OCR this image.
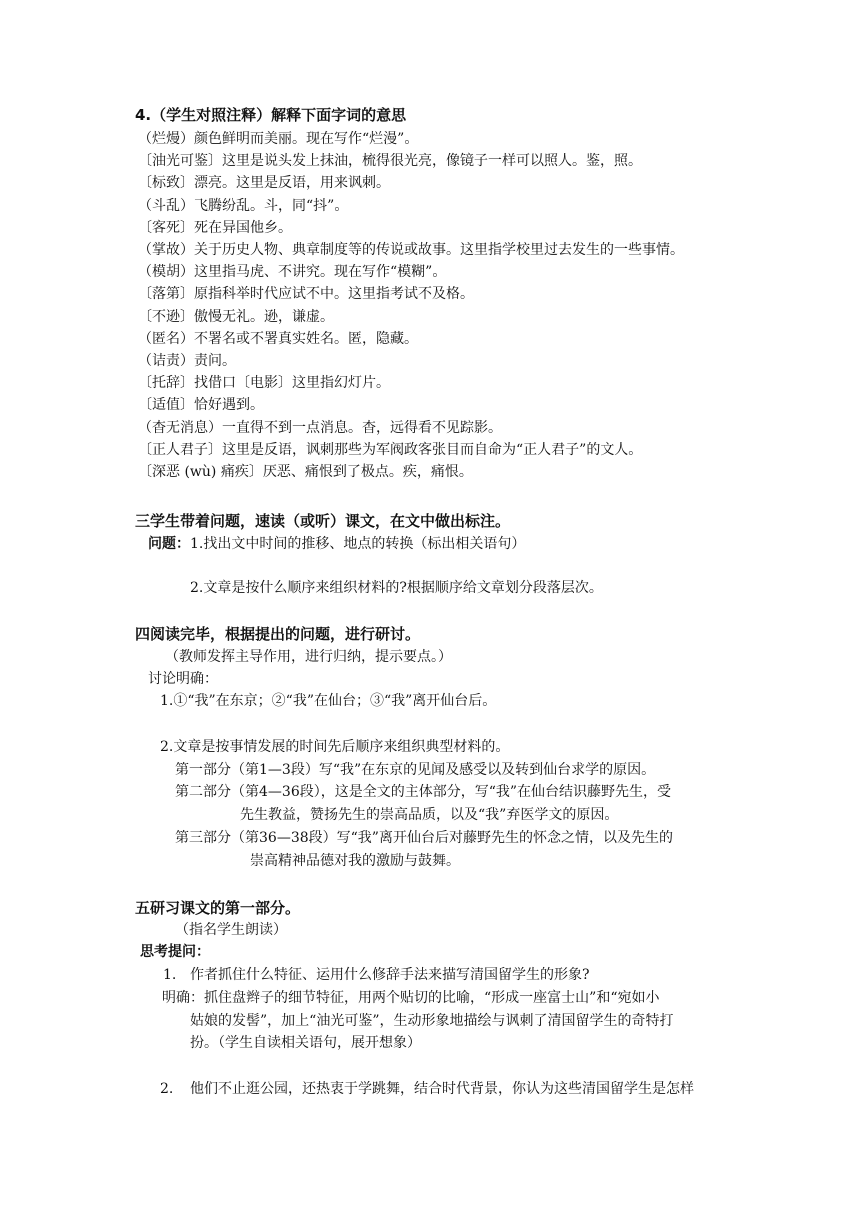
4.（学生对照注释）解释下面字词的意思
（烂熳）颜色鲜明而美丽。现在写作“烂漫”。
〔油光可鉴〕这里是说头发上抹油，梳得很光亮，像镜子一样可以照人。鉴，照。
〔标致〕漂亮。这里是反语，用来讽刺。
（斗乱）飞腾纷乱。斗，同“抖”。
〔客死〕死在异国他乡。
（掌故）关于历史人物、典章制度等的传说或故事。这里指学校里过去发生的一些事情。
（模胡）这里指马虎、不讲究。现在写作“模糊”。
〔落第〕原指科举时代应试不中。这里指考试不及格。
〔不逊〕傲慢无礼。逊，谦虚。
（匿名）不署名或不署真实姓名。匿，隐藏。
（诘责）责问。
〔托辞〕找借口〔电影〕这里指幻灯片。
〔适值〕恰好遇到。
（杳无消息）一直得不到一点消息。杳，远得看不见踪影。
〔正人君子〕这里是反语，讽刺那些为军阀政客张目而自命为“正人君子”的文人。
〔深恶 (wù) 痛疾〕厌恶、痛恨到了极点。疾，痛恨。
三学生带着问题，速读（或听）课文，在文中做出标注。
问题：1.找出文中时间的推移、地点的转换（标出相关语句）
2.文章是按什么顺序来组织材料的?根据顺序给文章划分段落层次。
四阅读完毕，根据提出的问题，进行研讨。
（教师发挥主导作用，进行归纳，提示要点。）
讨论明确：
1.①“我”在东京；②“我”在仙台；③“我”离开仙台后。
2.文章是按事情发展的时间先后顺序来组织典型材料的。
第一部分（第1—3段）写“我”在东京的见闻及感受以及转到仙台求学的原因。
第二部分（第4—36段），这是全文的主体部分，写“我”在仙台结识藤野先生，受
先生教益，赞扬先生的崇高品质，以及“我”弃医学文的原因。
第三部分（第36—38段）写“我”离开仙台后对藤野先生的怀念之情，以及先生的
崇高精神品德对我的激励与鼓舞。
五研习课文的第一部分。
（指名学生朗读）
思考提问：
1. 作者抓住什么特征、运用什么修辞手法来描写清国留学生的形象?
明确：抓住盘辫子的细节特征，用两个贴切的比喻，“形成一座富士山”和“宛如小
姑娘的发髻”，加上“油光可鉴”，生动形象地描绘与讽刺了清国留学生的奇特打
扮。（学生自读相关语句，展开想象）
2. 他们不止逛公园，还热衷于学跳舞，结合时代背景，你认为这些清国留学生是怎样
